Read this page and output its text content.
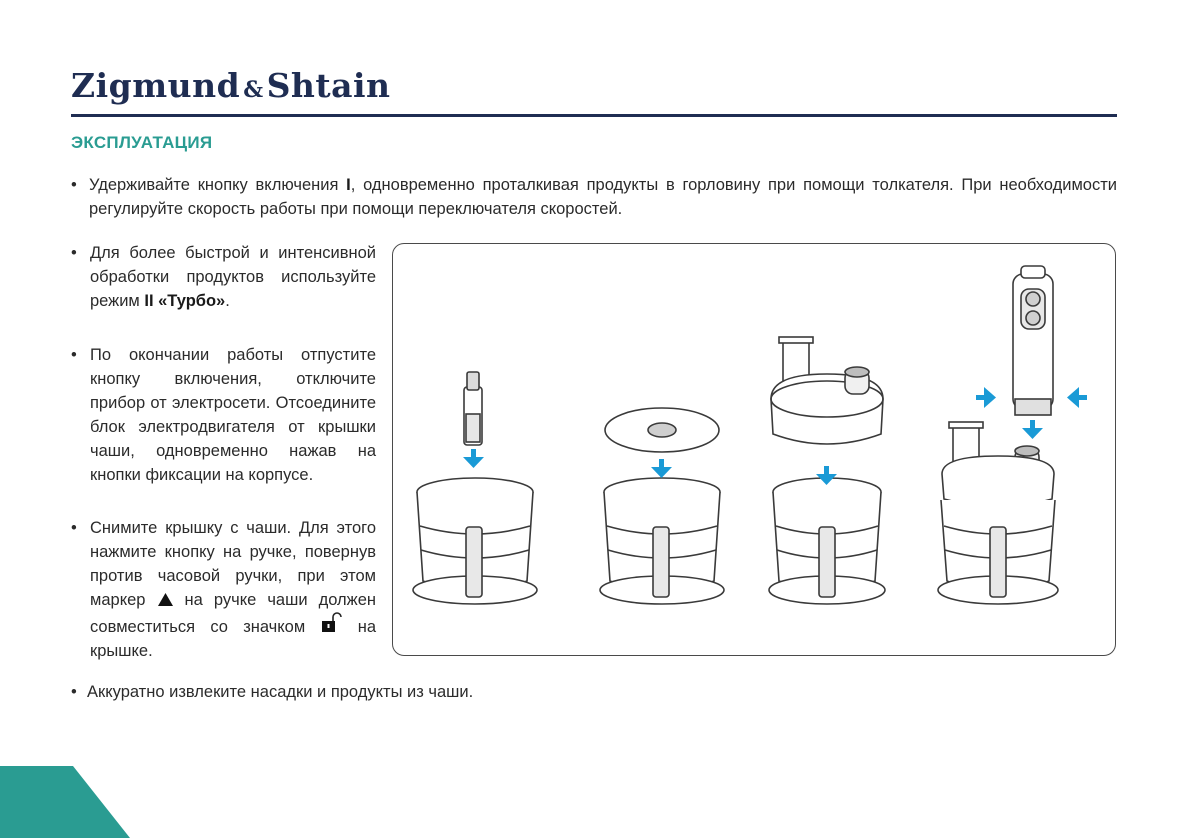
Zigmund &Shtain
ЭКСПЛУАТАЦИЯ
• Удерживайте кнопку включения I, одновременно проталкивая продукты в горловину при помощи толкателя. При необходимости регулируйте скорость работы при помощи переключателя скоростей.
• Для более быстрой и интенсивной обработки продуктов используйте режим II «Турбо».
• По окончании работы отпустите кнопку включения, отключите прибор от электросети. Отсоедините блок электродвигателя от крышки чаши, одновременно нажав на кнопки фиксации на корпусе.
• Снимите крышку с чаши. Для этого нажмите кнопку на ручке, повернув против часовой ручки, при этом маркер  на ручке чаши должен совместиться со значком  на крышке.
• Аккуратно извлеките насадки и продукты из чаши.
